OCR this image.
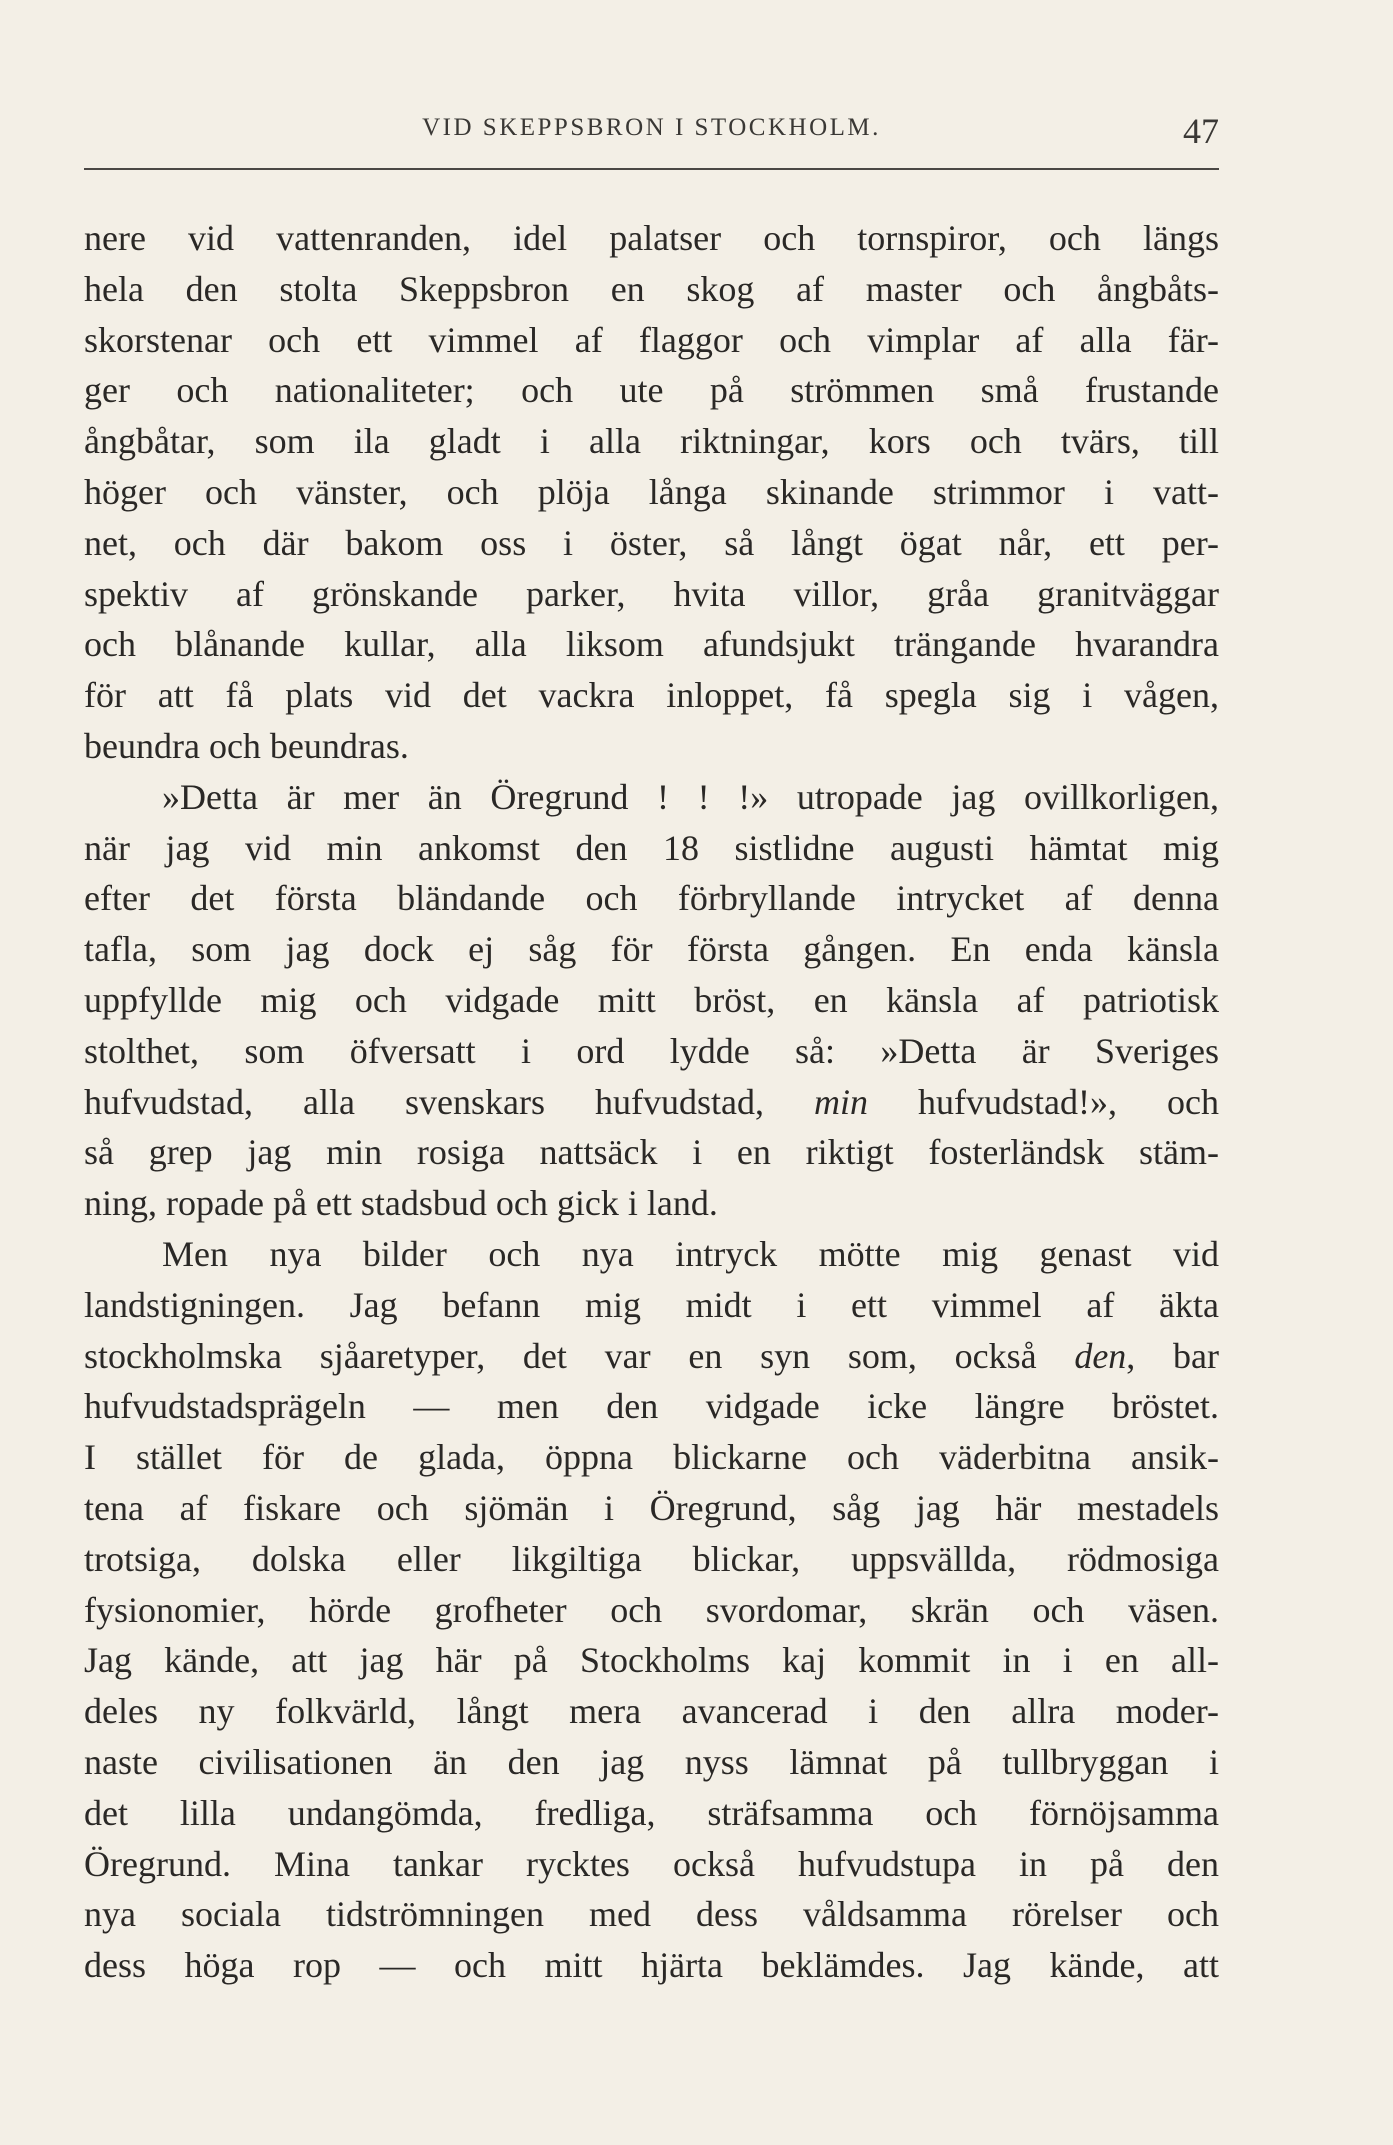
VID SKEPPSBRON I STOCKHOLM.	47
nere vid vattenranden, idel palatser och tornspiror, och längs
hela den stolta Skeppsbron en skog af master och ångbåts-
skorstenar och ett vimmel af flaggor och vimplar af alla fär-
ger och nationaliteter; och ute på strömmen små frustande
ångbåtar, som ila gladt i alla riktningar, kors och tvärs, till
höger och vänster, och plöja långa skinande strimmor i vatt-
net, och där bakom oss i öster, så långt ögat når, ett per-
spektiv af grönskande parker, hvita villor, gråa granitväggar
och blånande kullar, alla liksom afundsjukt trängande hvarandra
för att få plats vid det vackra inloppet, få spegla sig i vågen,
beundra och beundras.
»Detta är mer än Öregrund ! ! !» utropade jag ovillkorligen,
när jag vid min ankomst den 18 sistlidne augusti hämtat mig
efter det första bländande och förbryllande intrycket af denna
tafla, som jag dock ej såg för första gången. En enda känsla
uppfyllde mig och vidgade mitt bröst, en känsla af patriotisk
stolthet, som öfversatt i ord lydde så: »Detta är Sveriges
hufvudstad, alla svenskars hufvudstad, min hufvudstad!», och
så grep jag min rosiga nattsäck i en riktigt fosterländsk stäm-
ning, ropade på ett stadsbud och gick i land.
Men nya bilder och nya intryck mötte mig genast vid
landstigningen. Jag befann mig midt i ett vimmel af äkta
stockholmska sjåaretyper, det var en syn som, också den, bar
hufvudstadsprägeln — men den vidgade icke längre bröstet.
I stället för de glada, öppna blickarne och väderbitna ansik-
tena af fiskare och sjömän i Öregrund, såg jag här mestadels
trotsiga, dolska eller likgiltiga blickar, uppsvällda, rödmosiga
fysionomier, hörde grofheter och svordomar, skrän och väsen.
Jag kände, att jag här på Stockholms kaj kommit in i en all-
deles ny folkvärld, långt mera avancerad i den allra moder-
naste civilisationen än den jag nyss lämnat på tullbryggan i
det lilla undangömda, fredliga, sträfsamma och förnöjsamma
Öregrund. Mina tankar rycktes också hufvudstupa in på den
nya sociala tidströmningen med dess våldsamma rörelser och
dess höga rop — och mitt hjärta beklämdes. Jag kände, att
